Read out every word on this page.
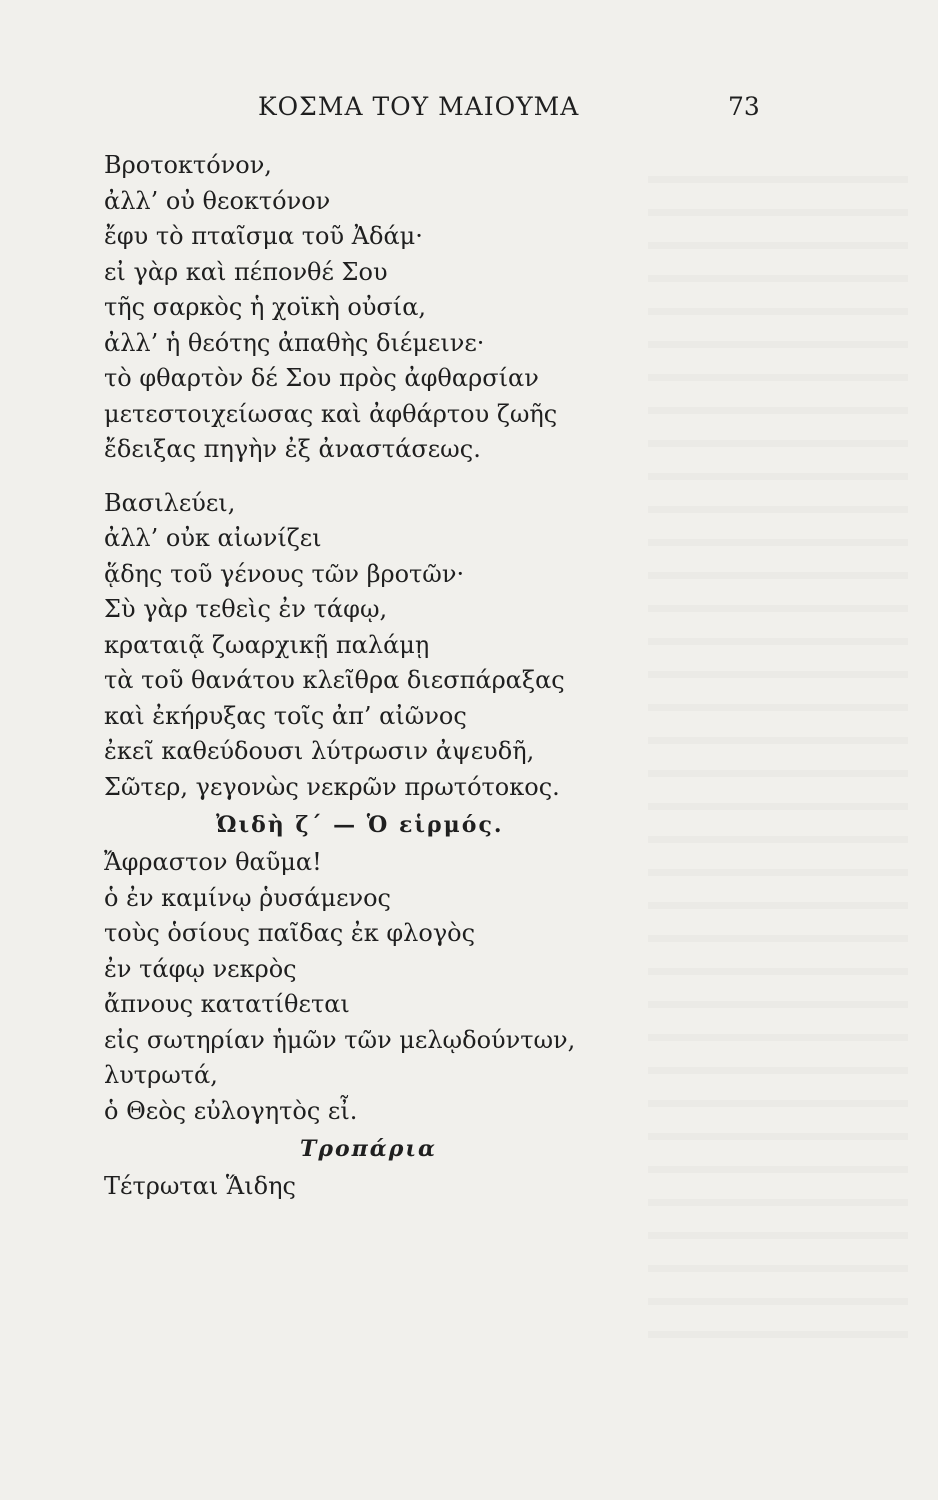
ΚΟΣΜΑ ΤΟΥ ΜΑΙΟΥΜΑ	73
Βροτοκτόνον,
ἀλλ’ οὐ θεοκτόνον
ἔφυ τὸ πταῖσμα τοῦ Ἀδάμ·
εἰ γὰρ καὶ πέπονθέ Σου
τῆς σαρκὸς ἡ χοϊκὴ οὐσία,
ἀλλ’ ἡ θεότης ἀπαθὴς διέμεινε·
τὸ φθαρτὸν δέ Σου πρὸς ἀφθαρσίαν
μετεστοιχείωσας καὶ ἀφθάρτου ζωῆς
ἔδειξας πηγὴν ἐξ ἀναστάσεως.
Βασιλεύει,
ἀλλ’ οὐκ αἰωνίζει
ᾅδης τοῦ γένους τῶν βροτῶν·
Σὺ γὰρ τεθεὶς ἐν τάφῳ,
κραταιᾷ ζωαρχικῇ παλάμῃ
τὰ τοῦ θανάτου κλεῖθρα διεσπάραξας
καὶ ἐκήρυξας τοῖς ἀπ’ αἰῶνος
ἐκεῖ καθεύδουσι λύτρωσιν ἀψευδῆ,
Σῶτερ, γεγονὼς νεκρῶν πρωτότοκος.
Ὠιδὴ ζ΄ — Ὁ εἱρμός.
Ἄφραστον θαῦμα!
ὁ ἐν καμίνῳ ῥυσάμενος
τοὺς ὁσίους παῖδας ἐκ φλογὸς
ἐν τάφῳ νεκρὸς
ἄπνους κατατίθεται
εἰς σωτηρίαν ἡμῶν τῶν μελῳδούντων,
λυτρωτά,
ὁ Θεὸς εὐλογητὸς εἶ.
Τροπάρια
Τέτρωται Ἅιδης
